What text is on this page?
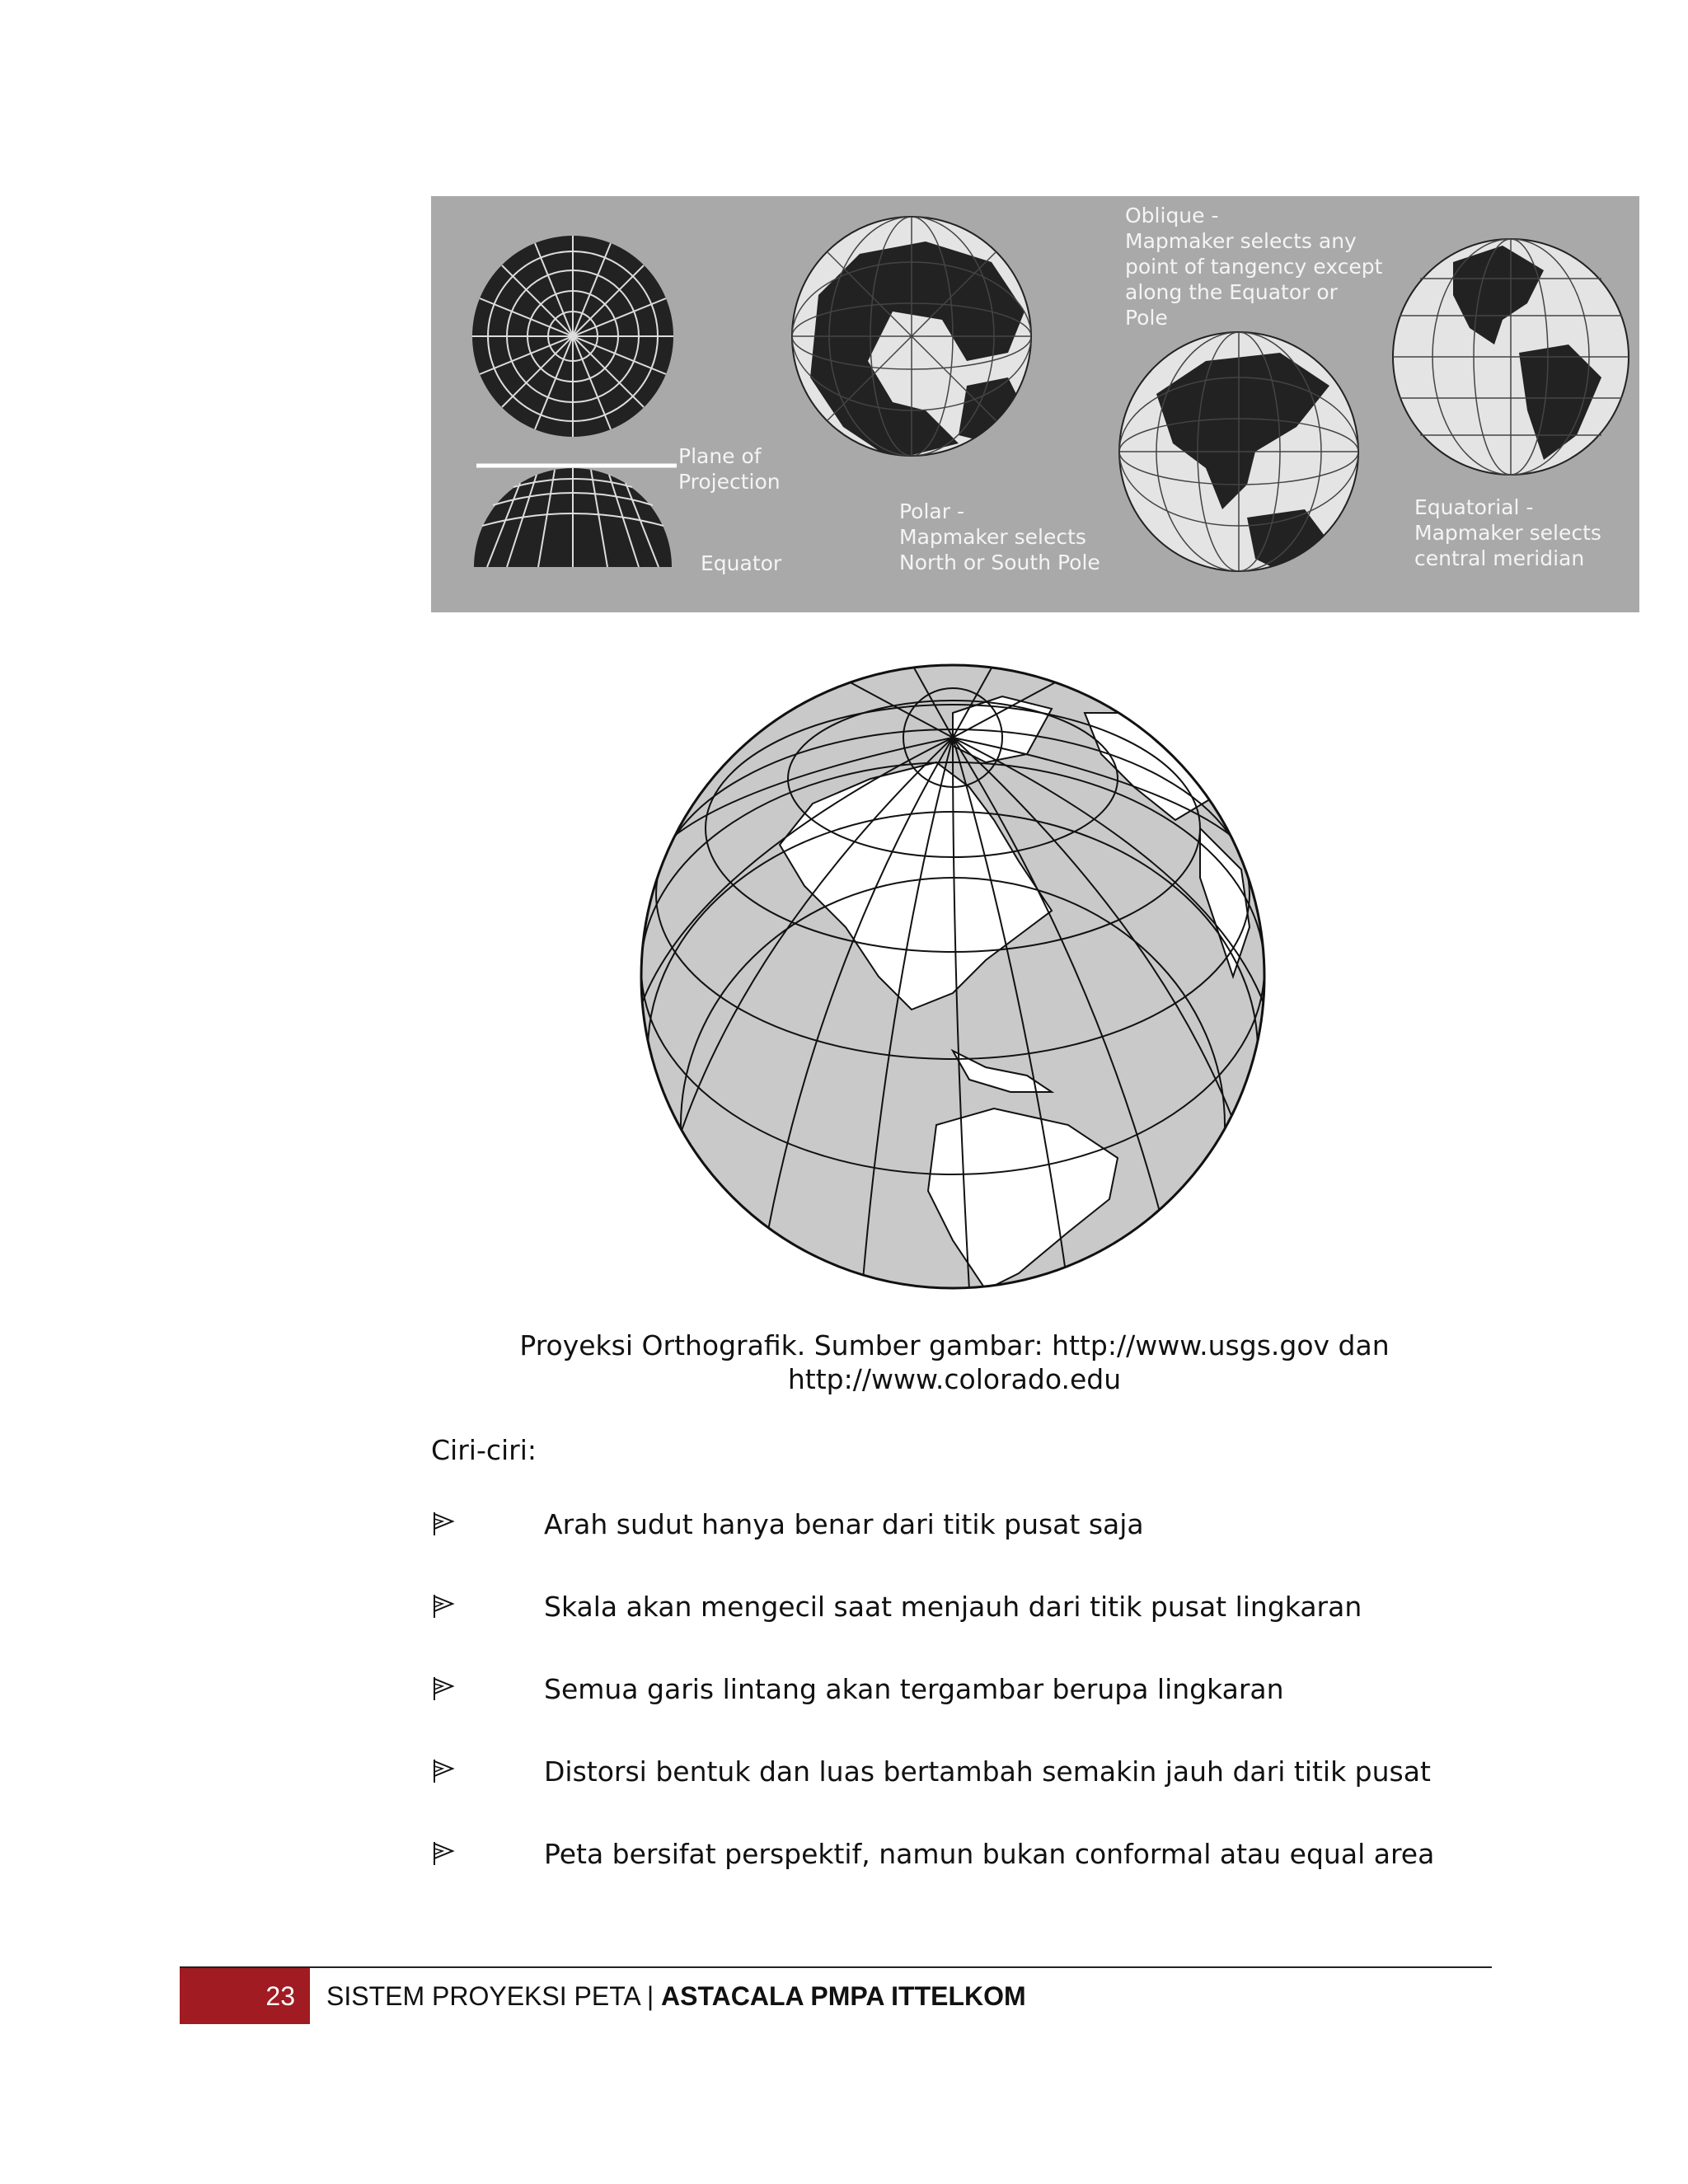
Plane of
Projection
Equator
Polar -
Mapmaker selects
North or South Pole
Oblique -
Mapmaker selects any
point of tangency except
along the Equator or
Pole
Equatorial -
Mapmaker selects
central meridian
Proyeksi Orthografik. Sumber gambar: http://www.usgs.gov dan
http://www.colorado.edu
Ciri-ciri:
Arah sudut hanya benar dari titik pusat saja
Skala akan mengecil saat menjauh dari titik pusat lingkaran
Semua garis lintang akan tergambar berupa lingkaran
Distorsi bentuk dan luas bertambah semakin jauh dari titik pusat
Peta bersifat perspektif, namun bukan conformal atau equal area
23 SISTEM PROYEKSI PETA | ASTACALA PMPA ITTELKOM
